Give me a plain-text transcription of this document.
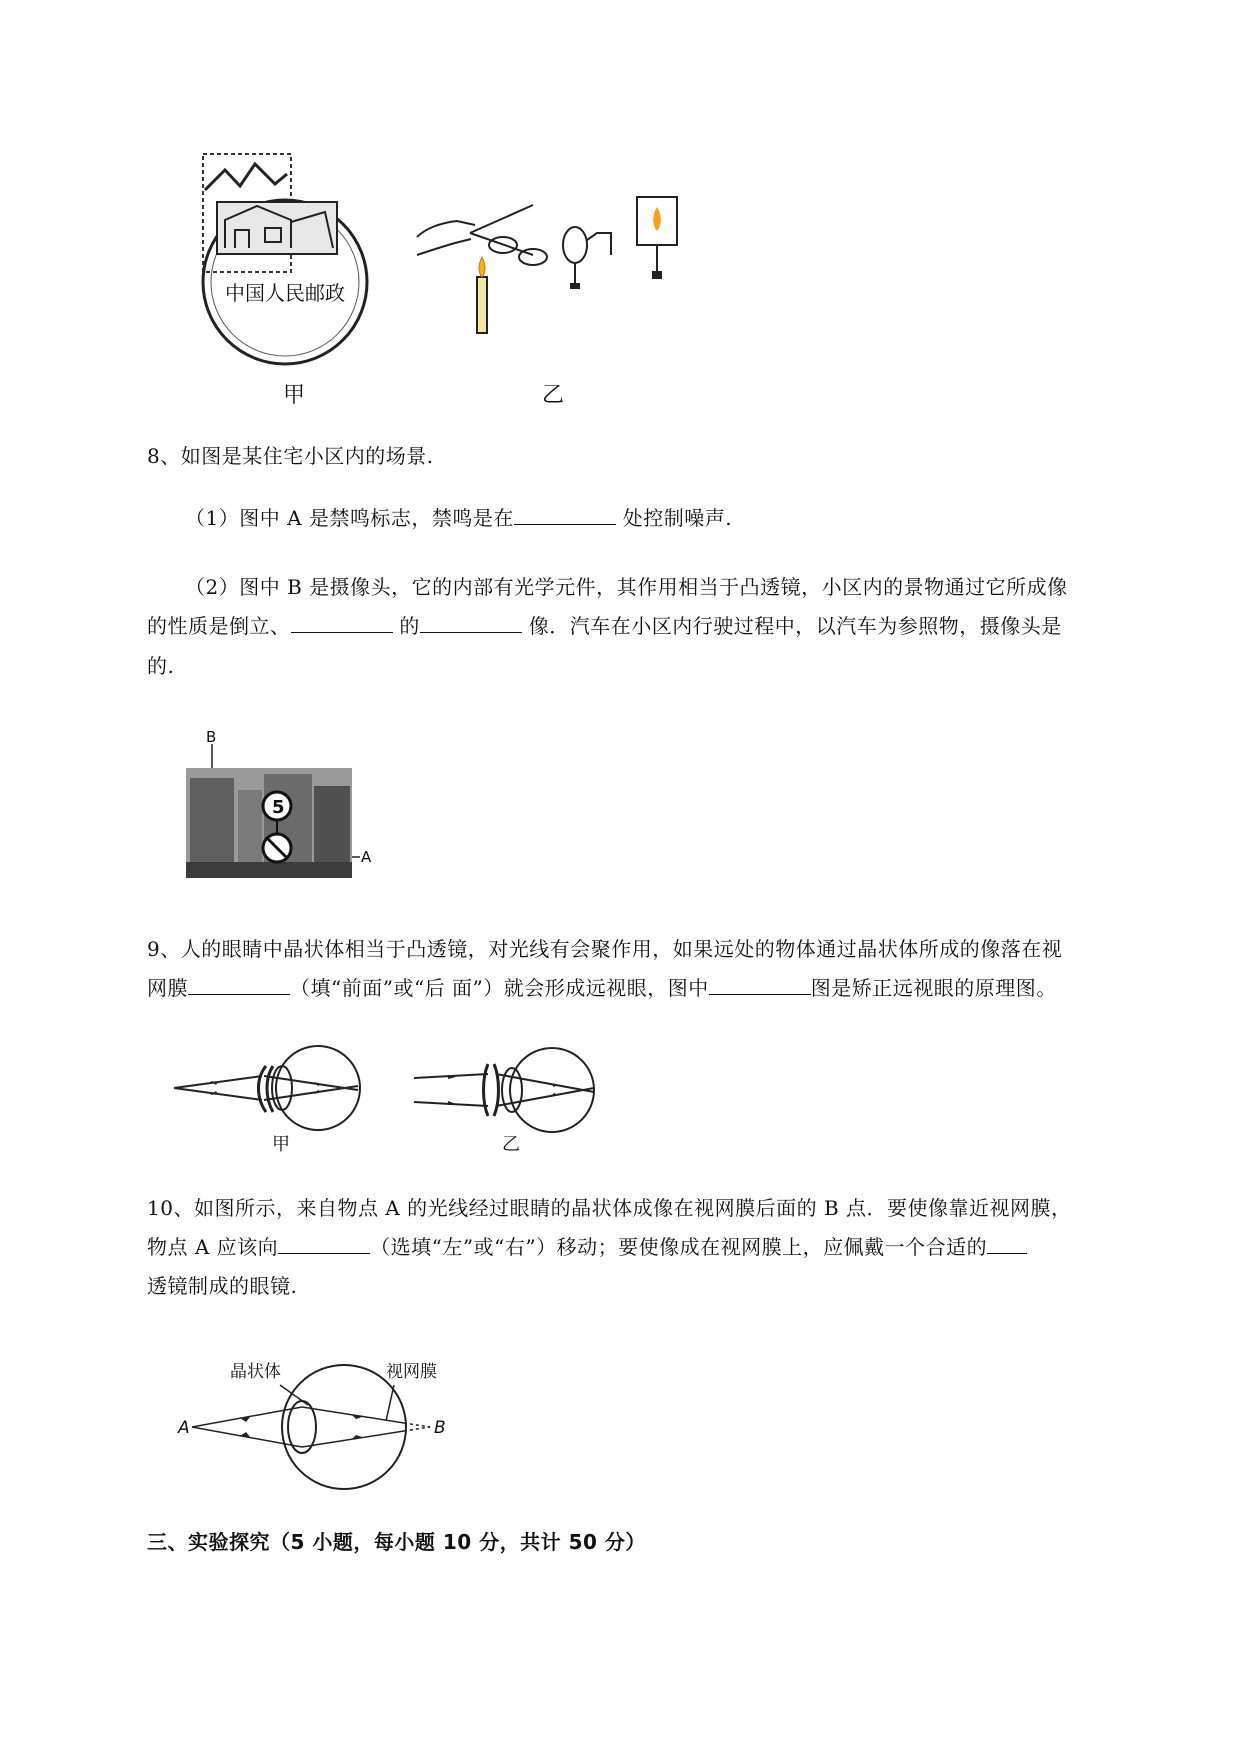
中国人民邮政
甲	乙
8、如图是某住宅小区内的场景.
（1）图中 A 是禁鸣标志，禁鸣是在	处控制噪声.
（2）图中 B 是摄像头，它的内部有光学元件，其作用相当于凸透镜，小区内的景物通过它所成像
的性质是倒立、	的	像．汽车在小区内行驶过程中，以汽车为参照物，摄像头是
的.
B
5
A
9、人的眼睛中晶状体相当于凸透镜，对光线有会聚作用，如果远处的物体通过晶状体所成的像落在视
网膜	（填“前面”或“后 面”）就会形成远视眼，图中	图是矫正远视眼的原理图。
甲	乙
10、如图所示，来自物点 A 的光线经过眼睛的晶状体成像在视网膜后面的 B 点．要使像靠近视网膜，
物点 A 应该向	（选填“左”或“右”）移动；要使像成在视网膜上，应佩戴一个合适的
透镜制成的眼镜.
晶状体	视网膜
A	B
三、实验探究（5 小题，每小题 10 分，共计 50 分）
